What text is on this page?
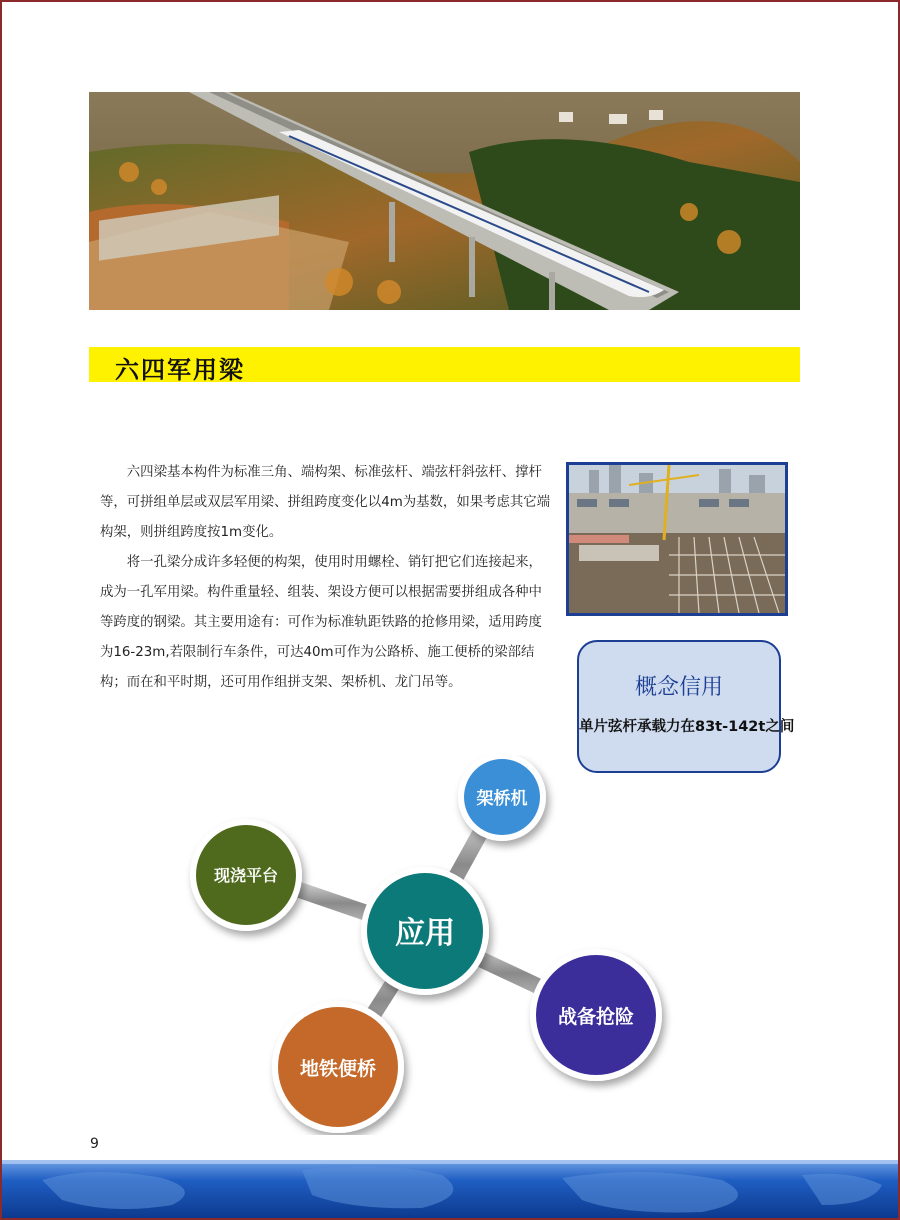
六四军用梁

六四梁基本构件为标准三角、端构架、标准弦杆、端弦杆斜弦杆、撑杆等，可拼组单层或双层军用梁、拼组跨度变化以4m为基数，如果考虑其它端构架，则拼组跨度按1m变化。

将一孔梁分成许多轻便的构架，使用时用螺栓、销钉把它们连接起来，成为一孔军用梁。构件重量轻、组装、架设方便可以根据需要拼组成各种中等跨度的钢梁。其主要用途有：可作为标准轨距铁路的抢修用梁，适用跨度为16-23m,若限制行车条件，可达40m可作为公路桥、施工便桥的梁部结构；而在和平时期，还可用作组拼支架、架桥机、龙门吊等。	概念信用
单片弦杆承载力在83t-142t之间
架桥机
现浇平台
战备抢险
地铁便桥
应用
9
